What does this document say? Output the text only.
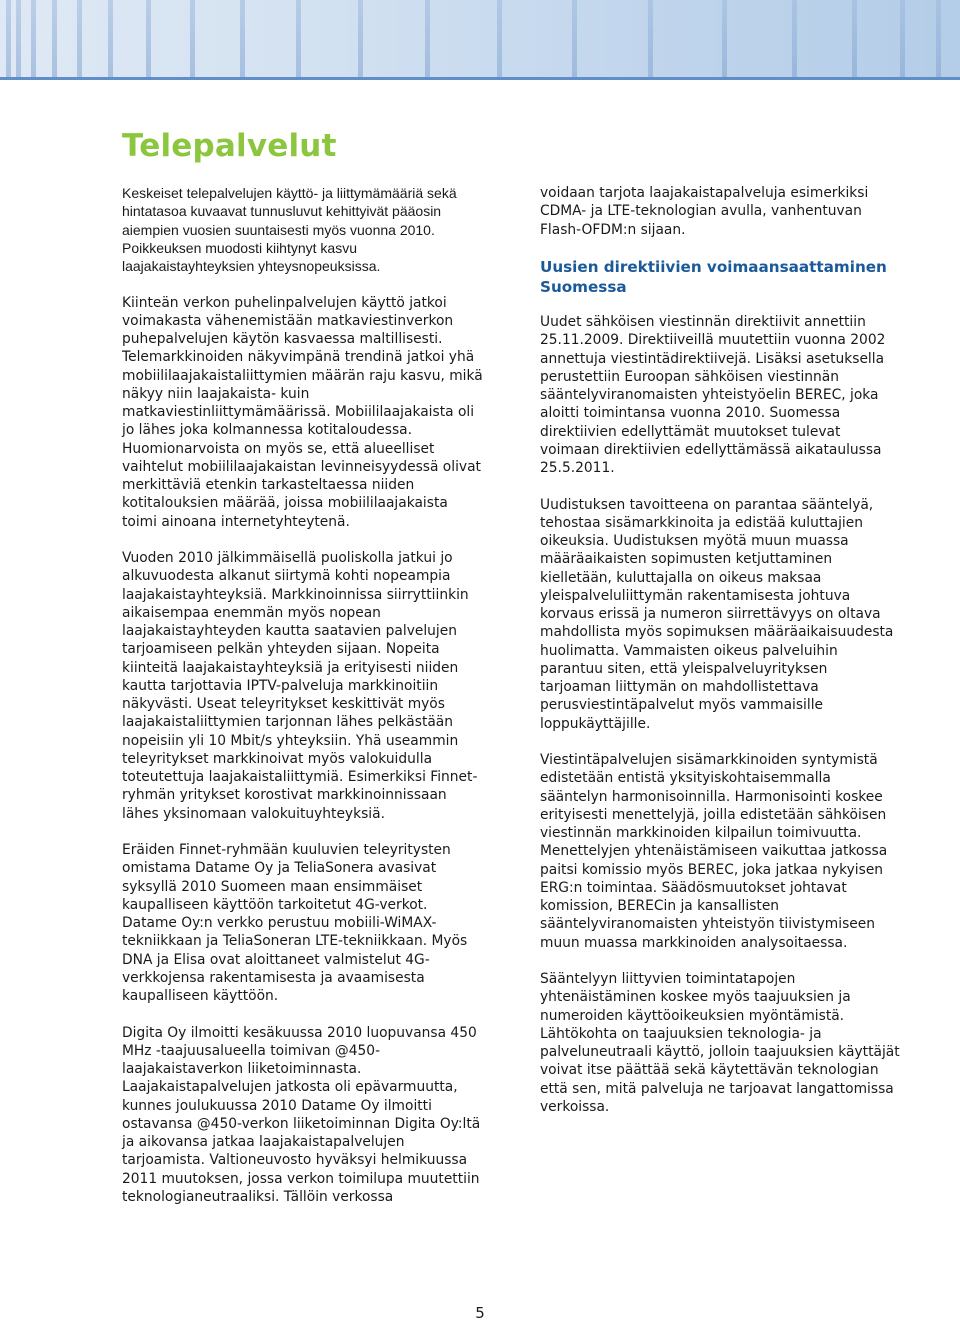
Telepalvelut

Keskeiset telepalvelujen käyttö- ja liittymämääriä sekä hintatasoa kuvaavat tunnusluvut kehittyivät pääosin aiempien vuosien suuntaisesti myös vuonna 2010. Poikkeuksen muodosti kiihtynyt kasvu laajakaistayhteyksien yhteysnopeuksissa.

Kiinteän verkon puhelinpalvelujen käyttö jatkoi voimakasta vähenemistään matkaviestinverkon puhepalvelujen käytön kasvaessa maltillisesti. Telemarkkinoiden näkyvimpänä trendinä jatkoi yhä mobiililaajakaistaliittymien määrän raju kasvu, mikä näkyy niin laajakaista- kuin matkaviestinliittymämäärissä. Mobiililaajakaista oli jo lähes joka kolmannessa kotitaloudessa. Huomionarvoista on myös se, että alueelliset vaihtelut mobiililaajakaistan levinneisyydessä olivat merkittäviä etenkin tarkasteltaessa niiden kotitalouksien määrää, joissa mobiililaajakaista toimi ainoana internetyhteytenä.

Vuoden 2010 jälkimmäisellä puoliskolla jatkui jo alkuvuodesta alkanut siirtymä kohti nopeampia laajakaistayhteyksiä. Markkinoinnissa siirryttiinkin aikaisempaa enemmän myös nopean laajakaistayhteyden kautta saatavien palvelujen tarjoamiseen pelkän yhteyden sijaan. Nopeita kiinteitä laajakaistayhteyksiä ja erityisesti niiden kautta tarjottavia IPTV-palveluja markkinoitiin näkyvästi. Useat teleyritykset keskittivät myös laajakaistaliittymien tarjonnan lähes pelkästään nopeisiin yli 10 Mbit/s yhteyksiin. Yhä useammin teleyritykset markkinoivat myös valokuidulla toteutettuja laajakaistaliittymiä. Esimerkiksi Finnet-ryhmän yritykset korostivat markkinoinnissaan lähes yksinomaan valokuituyhteyksiä.

Eräiden Finnet-ryhmään kuuluvien teleyritysten omistama Datame Oy ja TeliaSonera avasivat syksyllä 2010 Suomeen maan ensimmäiset kaupalliseen käyttöön tarkoitetut 4G-verkot. Datame Oy:n verkko perustuu mobiili-WiMAX-tekniikkaan ja TeliaSoneran LTE-tekniikkaan. Myös DNA ja Elisa ovat aloittaneet valmistelut 4G-verkkojensa rakentamisesta ja avaamisesta kaupalliseen käyttöön.

Digita Oy ilmoitti kesäkuussa 2010 luopuvansa 450 MHz -taajuusalueella toimivan @450-laajakaistaverkon liiketoiminnasta. Laajakaistapalvelujen jatkosta oli epävarmuutta, kunnes joulukuussa 2010 Datame Oy ilmoitti ostavansa @450-verkon liiketoiminnan Digita Oy:ltä ja aikovansa jatkaa laajakaistapalvelujen tarjoamista. Valtioneuvosto hyväksyi helmikuussa 2011 muutoksen, jossa verkon toimilupa muutettiin teknologianeutraaliksi. Tällöin verkossa

voidaan tarjota laajakaistapalveluja esimerkiksi CDMA- ja LTE-teknologian avulla, vanhentuvan Flash-OFDM:n sijaan.

Uusien direktiivien voimaansaattaminen Suomessa

Uudet sähköisen viestinnän direktiivit annettiin 25.11.2009. Direktiiveillä muutettiin vuonna 2002 annettuja viestintädirektiivejä. Lisäksi asetuksella perustettiin Euroopan sähköisen viestinnän sääntelyviranomaisten yhteistyöelin BEREC, joka aloitti toimintansa vuonna 2010. Suomessa direktiivien edellyttämät muutokset tulevat voimaan direktiivien edellyttämässä aikataulussa 25.5.2011.

Uudistuksen tavoitteena on parantaa sääntelyä, tehostaa sisämarkkinoita ja edistää kuluttajien oikeuksia. Uudistuksen myötä muun muassa määräaikaisten sopimusten ketjuttaminen kielletään, kuluttajalla on oikeus maksaa yleispalveluliittymän rakentamisesta johtuva korvaus erissä ja numeron siirrettävyys on oltava mahdollista myös sopimuksen määräaikaisuudesta huolimatta. Vammaisten oikeus palveluihin parantuu siten, että yleispalveluyrityksen tarjoaman liittymän on mahdollistettava perusviestintäpalvelut myös vammaisille loppukäyttäjille.

Viestintäpalvelujen sisämarkkinoiden syntymistä edistetään entistä yksityiskohtaisemmalla sääntelyn harmonisoinnilla. Harmonisointi koskee erityisesti menettelyjä, joilla edistetään sähköisen viestinnän markkinoiden kilpailun toimivuutta. Menettelyjen yhtenäistämiseen vaikuttaa jatkossa paitsi komissio myös BEREC, joka jatkaa nykyisen ERG:n toimintaa. Säädösmuutokset johtavat komission, BERECin ja kansallisten sääntelyviranomaisten yhteistyön tiivistymiseen muun muassa markkinoiden analysoitaessa.

Sääntelyyn liittyvien toimintatapojen yhtenäistäminen koskee myös taajuuksien ja numeroiden käyttöoikeuksien myöntämistä. Lähtökohta on taajuuksien teknologia- ja palveluneutraali käyttö, jolloin taajuuksien käyttäjät voivat itse päättää sekä käytettävän teknologian että sen, mitä palveluja ne tarjoavat langattomissa verkoissa.

5
